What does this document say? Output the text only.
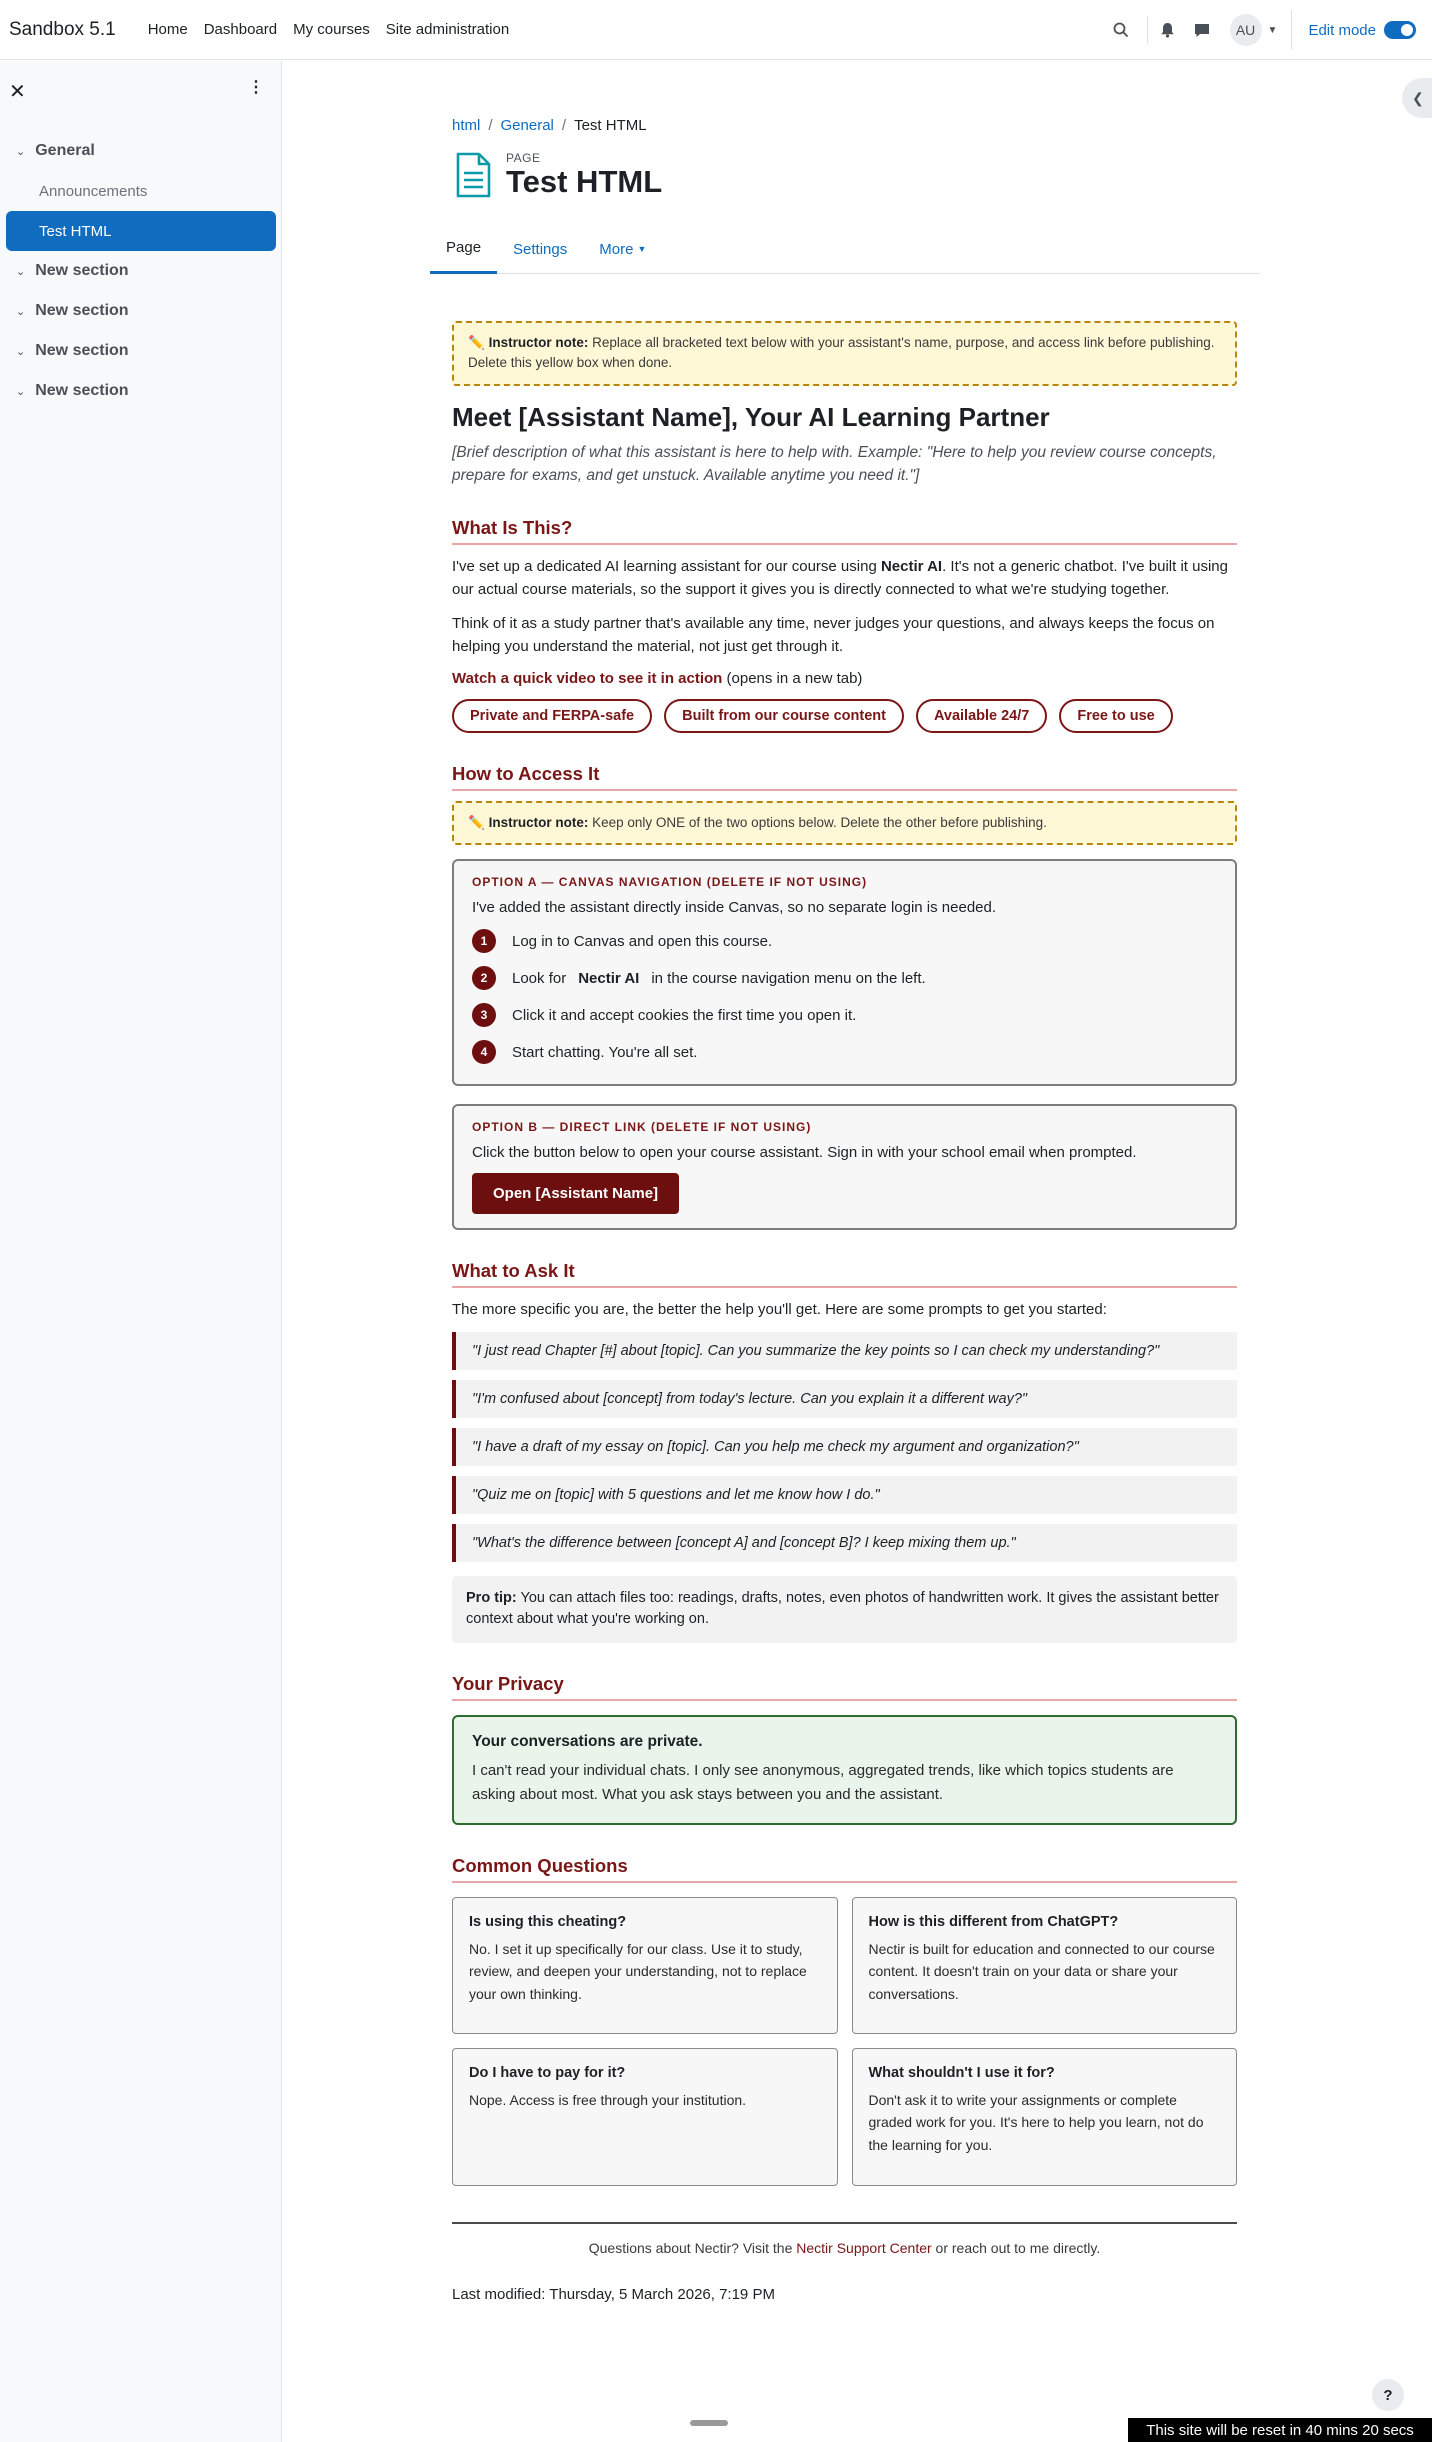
Sandbox 5.1 Home Dashboard My courses Site administration	AU	▼ Edit mode
✕	⋮
⌄ General
Announcements
Test HTML
⌄ New section
⌄ New section
⌄ New section
⌄ New section
❮
html / General / Test HTML
PAGE
Test HTML
Page	Settings	More ▼
✏️ Instructor note: Replace all bracketed text below with your assistant's name, purpose, and access link before publishing. Delete this yellow box when done.
Meet [Assistant Name], Your AI Learning Partner

[Brief description of what this assistant is here to help with. Example: "Here to help you review course concepts, prepare for exams, and get unstuck. Available anytime you need it."]

What Is This?

I've set up a dedicated AI learning assistant for our course using Nectir AI. It's not a generic chatbot. I've built it using our actual course materials, so the support it gives you is directly connected to what we're studying together.

Think of it as a study partner that's available any time, never judges your questions, and always keeps the focus on helping you understand the material, not just get through it.

Watch a quick video to see it in action (opens in a new tab)
Private and FERPA-safe	Built from our course content	Available 24/7	Free to use
How to Access It
✏️ Instructor note: Keep only ONE of the two options below. Delete the other before publishing.
OPTION A — CANVAS NAVIGATION (DELETE IF NOT USING)
I've added the assistant directly inside Canvas, so no separate login is needed.
1	Log in to Canvas and open this course.
2	Look for Nectir AI in the course navigation menu on the left.
3	Click it and accept cookies the first time you open it.
4	Start chatting. You're all set.
OPTION B — DIRECT LINK (DELETE IF NOT USING)
Click the button below to open your course assistant. Sign in with your school email when prompted.
Open [Assistant Name]
What to Ask It

The more specific you are, the better the help you'll get. Here are some prompts to get you started:

"I just read Chapter [#] about [topic]. Can you summarize the key points so I can check my understanding?"
"I'm confused about [concept] from today's lecture. Can you explain it a different way?"
"I have a draft of my essay on [topic]. Can you help me check my argument and organization?"
"Quiz me on [topic] with 5 questions and let me know how I do."
"What's the difference between [concept A] and [concept B]? I keep mixing them up."
Pro tip: You can attach files too: readings, drafts, notes, even photos of handwritten work. It gives the assistant better context about what you're working on.
Your Privacy
Your conversations are private.
I can't read your individual chats. I only see anonymous, aggregated trends, like which topics students are asking about most. What you ask stays between you and the assistant.
Common Questions
Is using this cheating?
No. I set it up specifically for our class. Use it to study, review, and deepen your understanding, not to replace your own thinking.
How is this different from ChatGPT?
Nectir is built for education and connected to our course content. It doesn't train on your data or share your conversations.
Do I have to pay for it?
Nope. Access is free through your institution.
What shouldn't I use it for?
Don't ask it to write your assignments or complete graded work for you. It's here to help you learn, not do the learning for you.
Questions about Nectir? Visit the Nectir Support Center or reach out to me directly.
Last modified: Thursday, 5 March 2026, 7:19 PM
?
This site will be reset in 40 mins 20 secs
